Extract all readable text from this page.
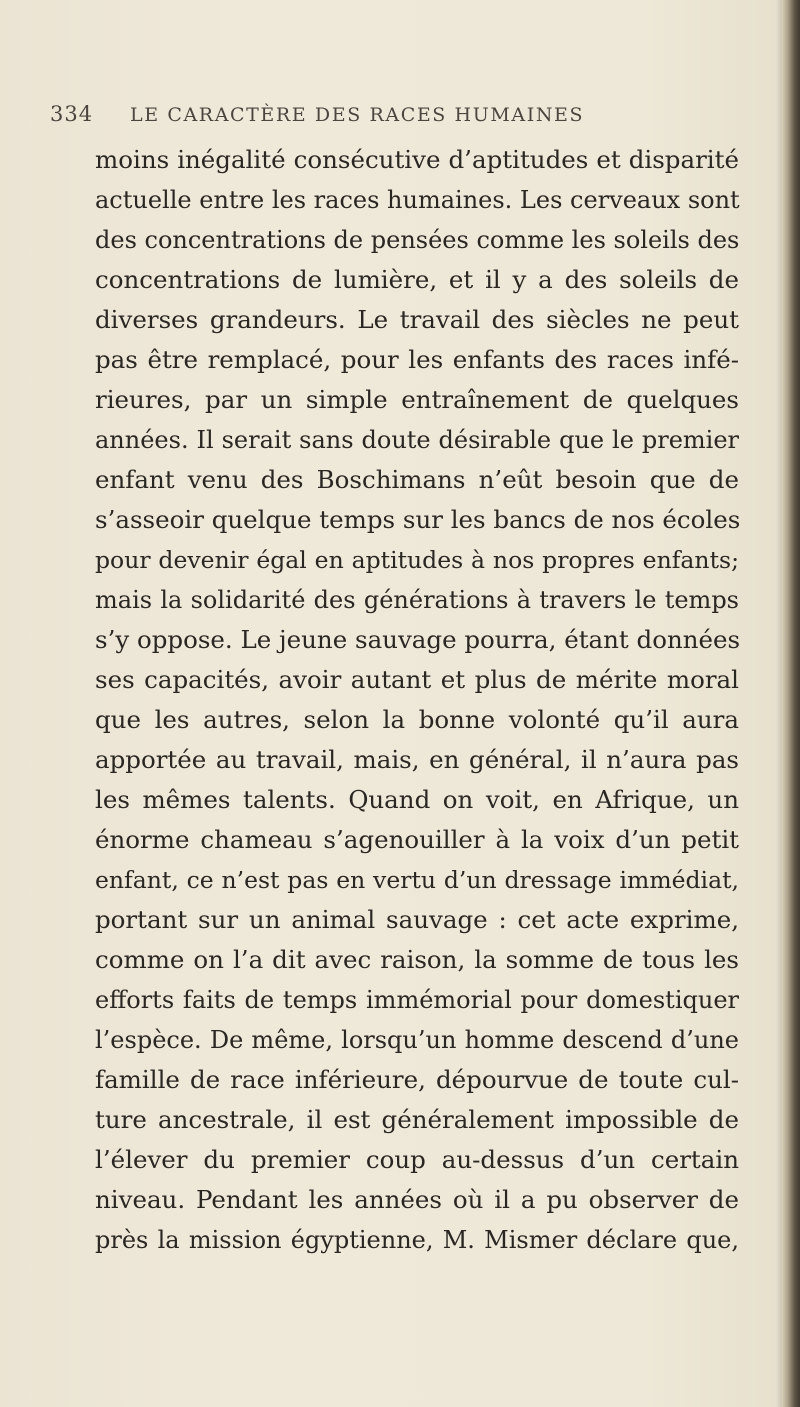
334 LE CARACTÈRE DES RACES HUMAINES
moins inégalité consécutive d’aptitudes et disparité
actuelle entre les races humaines. Les cerveaux sont
des concentrations de pensées comme les soleils des
concentrations de lumière, et il y a des soleils de
diverses grandeurs. Le travail des siècles ne peut
pas être remplacé, pour les enfants des races infé-
rieures, par un simple entraînement de quelques
années. Il serait sans doute désirable que le premier
enfant venu des Boschimans n’eût besoin que de
s’asseoir quelque temps sur les bancs de nos écoles
pour devenir égal en aptitudes à nos propres enfants;
mais la solidarité des générations à travers le temps
s’y oppose. Le jeune sauvage pourra, étant données
ses capacités, avoir autant et plus de mérite moral
que les autres, selon la bonne volonté qu’il aura
apportée au travail, mais, en général, il n’aura pas
les mêmes talents. Quand on voit, en Afrique, un
énorme chameau s’agenouiller à la voix d’un petit
enfant, ce n’est pas en vertu d’un dressage immédiat,
portant sur un animal sauvage : cet acte exprime,
comme on l’a dit avec raison, la somme de tous les
efforts faits de temps immémorial pour domestiquer
l’espèce. De même, lorsqu’un homme descend d’une
famille de race inférieure, dépourvue de toute cul-
ture ancestrale, il est généralement impossible de
l’élever du premier coup au-dessus d’un certain
niveau. Pendant les années où il a pu observer de
près la mission égyptienne, M. Mismer déclare que,
